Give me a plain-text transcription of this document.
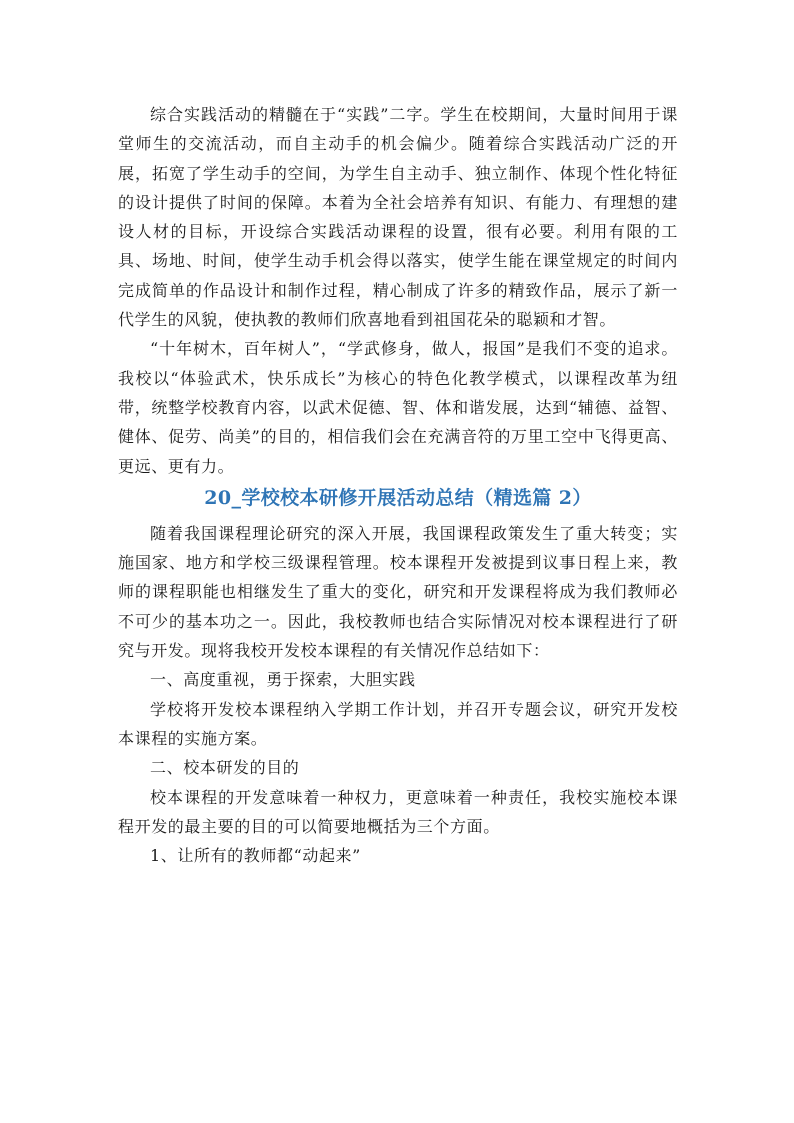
综合实践活动的精髓在于“实践”二字。学生在校期间，大量时间用于课堂师生的交流活动，而自主动手的机会偏少。随着综合实践活动广泛的开展，拓宽了学生动手的空间，为学生自主动手、独立制作、体现个性化特征的设计提供了时间的保障。本着为全社会培养有知识、有能力、有理想的建设人材的目标，开设综合实践活动课程的设置，很有必要。利用有限的工具、场地、时间，使学生动手机会得以落实，使学生能在课堂规定的时间内完成简单的作品设计和制作过程，精心制成了许多的精致作品，展示了新一代学生的风貌，使执教的教师们欣喜地看到祖国花朵的聪颖和才智。

“十年树木，百年树人”，“学武修身，做人，报国”是我们不变的追求。我校以“体验武术，快乐成长”为核心的特色化教学模式，以课程改革为纽带，统整学校教育内容，以武术促德、智、体和谐发展，达到“辅德、益智、健体、促劳、尚美”的目的，相信我们会在充满音符的万里工空中飞得更高、更远、更有力。

20_学校校本研修开展活动总结（精选篇 2）

随着我国课程理论研究的深入开展，我国课程政策发生了重大转变；实施国家、地方和学校三级课程管理。校本课程开发被提到议事日程上来，教师的课程职能也相继发生了重大的变化，研究和开发课程将成为我们教师必不可少的基本功之一。因此，我校教师也结合实际情况对校本课程进行了研究与开发。现将我校开发校本课程的有关情况作总结如下：

一、高度重视，勇于探索，大胆实践

学校将开发校本课程纳入学期工作计划，并召开专题会议，研究开发校本课程的实施方案。

二、校本研发的目的

校本课程的开发意味着一种权力，更意味着一种责任，我校实施校本课程开发的最主要的目的可以简要地概括为三个方面。

1、让所有的教师都“动起来”
